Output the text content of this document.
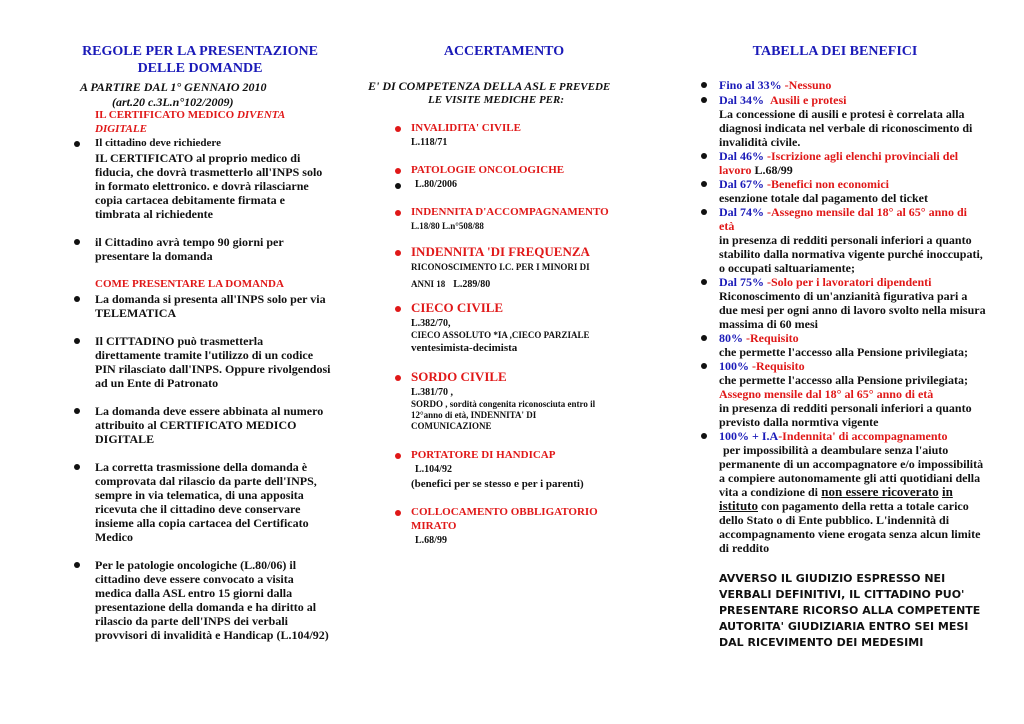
REGOLE PER LA PRESENTAZIONE
DELLE DOMANDE
A PARTIRE DAL 1° GENNAIO 2010
(art.20 c.3L.n°102/2009)
IL CERTIFICATO MEDICO DIVENTA
DIGITALE
Il cittadino deve richiedere
IL CERTIFICATO al proprio medico di
fiducia, che dovrà trasmetterlo all'INPS solo
in formato elettronico. e dovrà rilasciarne
copia cartacea debitamente firmata e
timbrata al richiedente
il Cittadino avrà tempo 90 giorni per
presentare la domanda
COME PRESENTARE LA DOMANDA
La domanda si presenta all'INPS solo per via
TELEMATICA
Il CITTADINO può trasmetterla
direttamente tramite l'utilizzo di un codice
PIN rilasciato dall'INPS. Oppure rivolgendosi
ad un Ente di Patronato
La domanda deve essere abbinata al numero
attribuito al CERTIFICATO MEDICO
DIGITALE
La corretta trasmissione della domanda è
comprovata dal rilascio da parte dell'INPS,
sempre in via telematica, di una apposita
ricevuta che il cittadino deve conservare
insieme alla copia cartacea del Certificato
Medico
Per le patologie oncologiche (L.80/06) il
cittadino deve essere convocato a visita
medica dalla ASL entro 15 giorni dalla
presentazione della domanda e ha diritto al
rilascio da parte dell'INPS dei verbali
provvisori di invalidità e Handicap (L.104/92)
ACCERTAMENTO
E' DI COMPETENZA DELLA ASL E PREVEDE
LE VISITE MEDICHE PER:
INVALIDITA' CIVILE
L.118/71
PATOLOGIE ONCOLOGICHE
L.80/2006
INDENNITA D'ACCOMPAGNAMENTO
L.18/80 L.n°508/88
INDENNITA 'DI FREQUENZA
RICONOSCIMENTO I.C. PER I MINORI DI
ANNI 18 L.289/80
CIECO CIVILE
L.382/70,
CIECO ASSOLUTO *IA ,CIECO PARZIALE
ventesimista-decimista
SORDO CIVILE
L.381/70 ,
SORDO , sordità congenita riconosciuta entro il
12°anno di età, INDENNITA' DI
COMUNICAZIONE
PORTATORE DI HANDICAP
L.104/92
(benefici per se stesso e per i parenti)
COLLOCAMENTO OBBLIGATORIO
MIRATO
L.68/99
TABELLA DEI BENEFICI
Fino al 33% -Nessuno
Dal 34% Ausili e protesi
La concessione di ausili e protesi è correlata alla
diagnosi indicata nel verbale di riconoscimento di
invalidità civile.
Dal 46% -Iscrizione agli elenchi provinciali del
lavoro L.68/99
Dal 67% -Benefici non economici
esenzione totale dal pagamento del ticket
Dal 74% -Assegno mensile dal 18° al 65° anno di
età
in presenza di redditi personali inferiori a quanto
stabilito dalla normativa vigente purché inoccupati,
o occupati saltuariamente;
Dal 75% -Solo per i lavoratori dipendenti
Riconoscimento di un'anzianità figurativa pari a
due mesi per ogni anno di lavoro svolto nella misura
massima di 60 mesi
80% -Requisito
che permette l'accesso alla Pensione privilegiata;
100% -Requisito
che permette l'accesso alla Pensione privilegiata;
Assegno mensile dal 18° al 65° anno di età
in presenza di redditi personali inferiori a quanto
previsto dalla normtiva vigente
100% + I.A-Indennita' di accompagnamento
per impossibilità a deambulare senza l'aiuto
permanente di un accompagnatore e/o impossibilità
a compiere autonomamente gli atti quotidiani della
vita a condizione di non essere ricoverato in
istituto con pagamento della retta a totale carico
dello Stato o di Ente pubblico. L'indennità di
accompagnamento viene erogata senza alcun limite
di reddito
AVVERSO IL GIUDIZIO ESPRESSO NEI
VERBALI DEFINITIVI, IL CITTADINO PUO'
PRESENTARE RICORSO ALLA COMPETENTE
AUTORITA' GIUDIZIARIA ENTRO SEI MESI
DAL RICEVIMENTO DEI MEDESIMI
